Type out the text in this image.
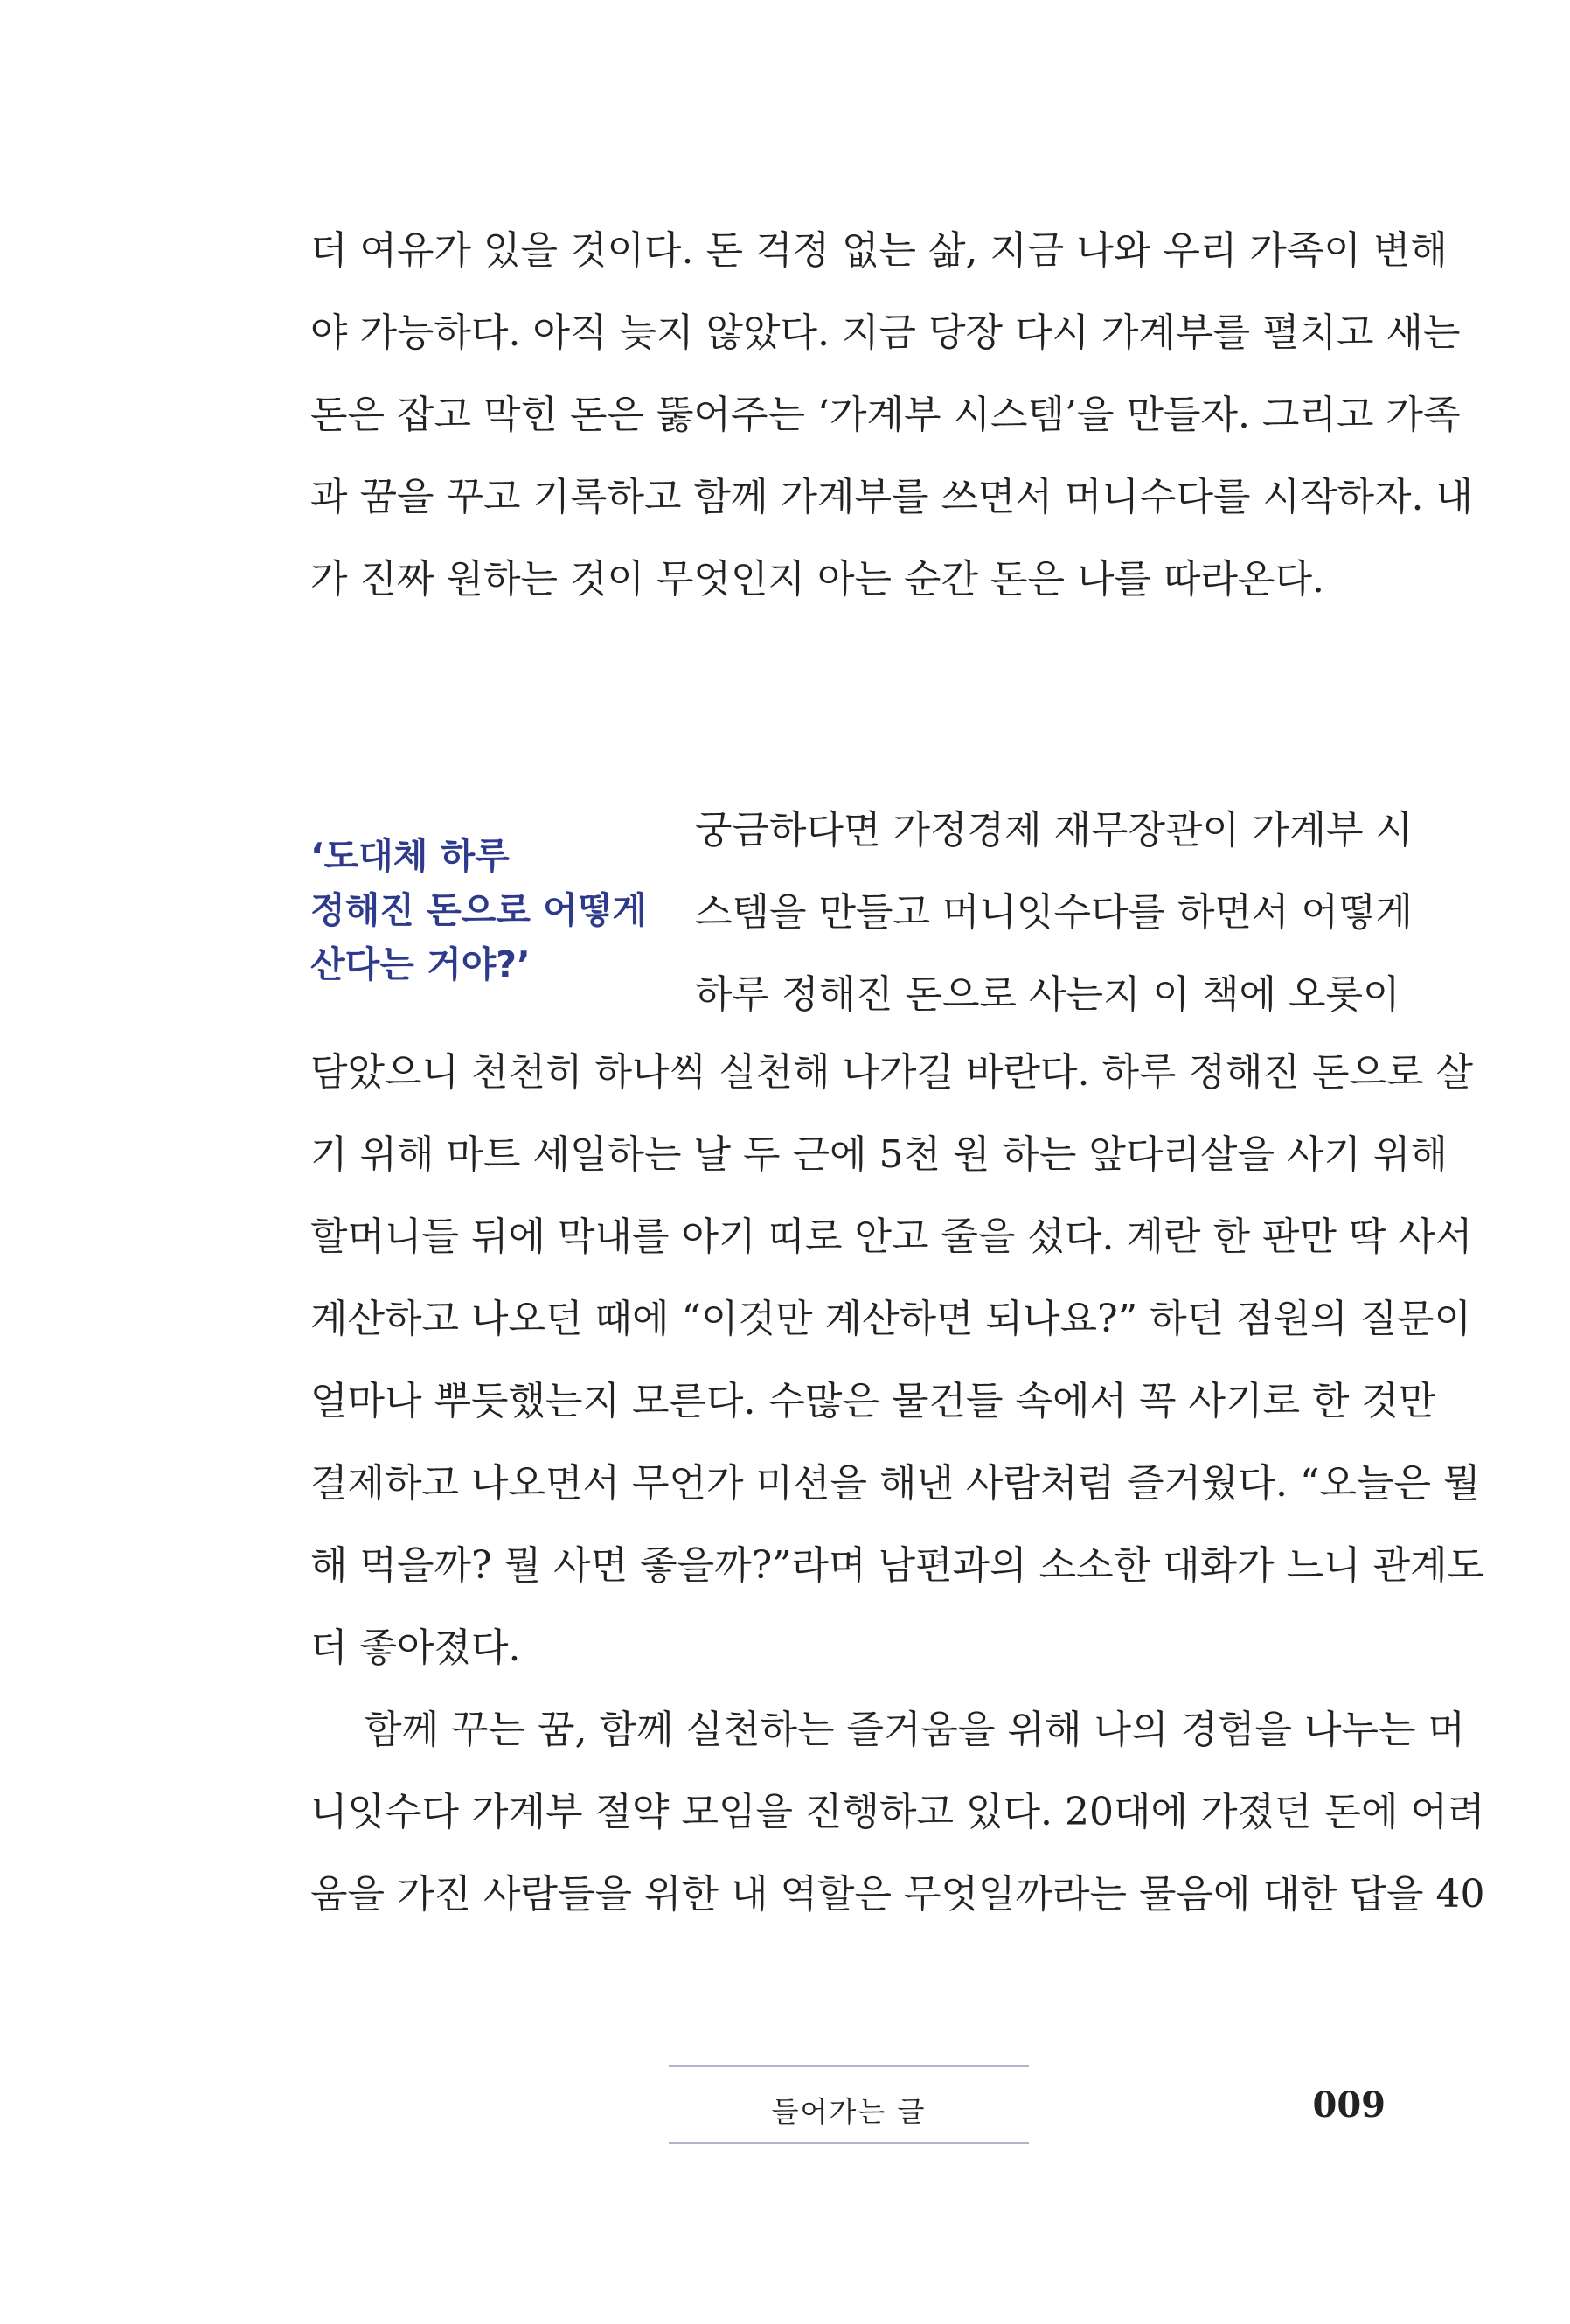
더 여유가 있을 것이다. 돈 걱정 없는 삶, 지금 나와 우리 가족이 변해
야 가능하다. 아직 늦지 않았다. 지금 당장 다시 가계부를 펼치고 새는
돈은 잡고 막힌 돈은 뚫어주는 ‘가계부 시스템’을 만들자. 그리고 가족
과 꿈을 꾸고 기록하고 함께 가계부를 쓰면서 머니수다를 시작하자. 내
가 진짜 원하는 것이 무엇인지 아는 순간 돈은 나를 따라온다.
‘도대체 하루
정해진 돈으로 어떻게
산다는 거야?’
궁금하다면 가정경제 재무장관이 가계부 시
스템을 만들고 머니잇수다를 하면서 어떻게
하루 정해진 돈으로 사는지 이 책에 오롯이
담았으니 천천히 하나씩 실천해 나가길 바란다. 하루 정해진 돈으로 살
기 위해 마트 세일하는 날 두 근에 5천 원 하는 앞다리살을 사기 위해
할머니들 뒤에 막내를 아기 띠로 안고 줄을 섰다. 계란 한 판만 딱 사서
계산하고 나오던 때에 “이것만 계산하면 되나요?” 하던 점원의 질문이
얼마나 뿌듯했는지 모른다. 수많은 물건들 속에서 꼭 사기로 한 것만
결제하고 나오면서 무언가 미션을 해낸 사람처럼 즐거웠다. “오늘은 뭘
해 먹을까? 뭘 사면 좋을까?”라며 남편과의 소소한 대화가 느니 관계도
더 좋아졌다.
함께 꾸는 꿈, 함께 실천하는 즐거움을 위해 나의 경험을 나누는 머
니잇수다 가계부 절약 모임을 진행하고 있다. 20대에 가졌던 돈에 어려
움을 가진 사람들을 위한 내 역할은 무엇일까라는 물음에 대한 답을 40
들어가는 글	009
